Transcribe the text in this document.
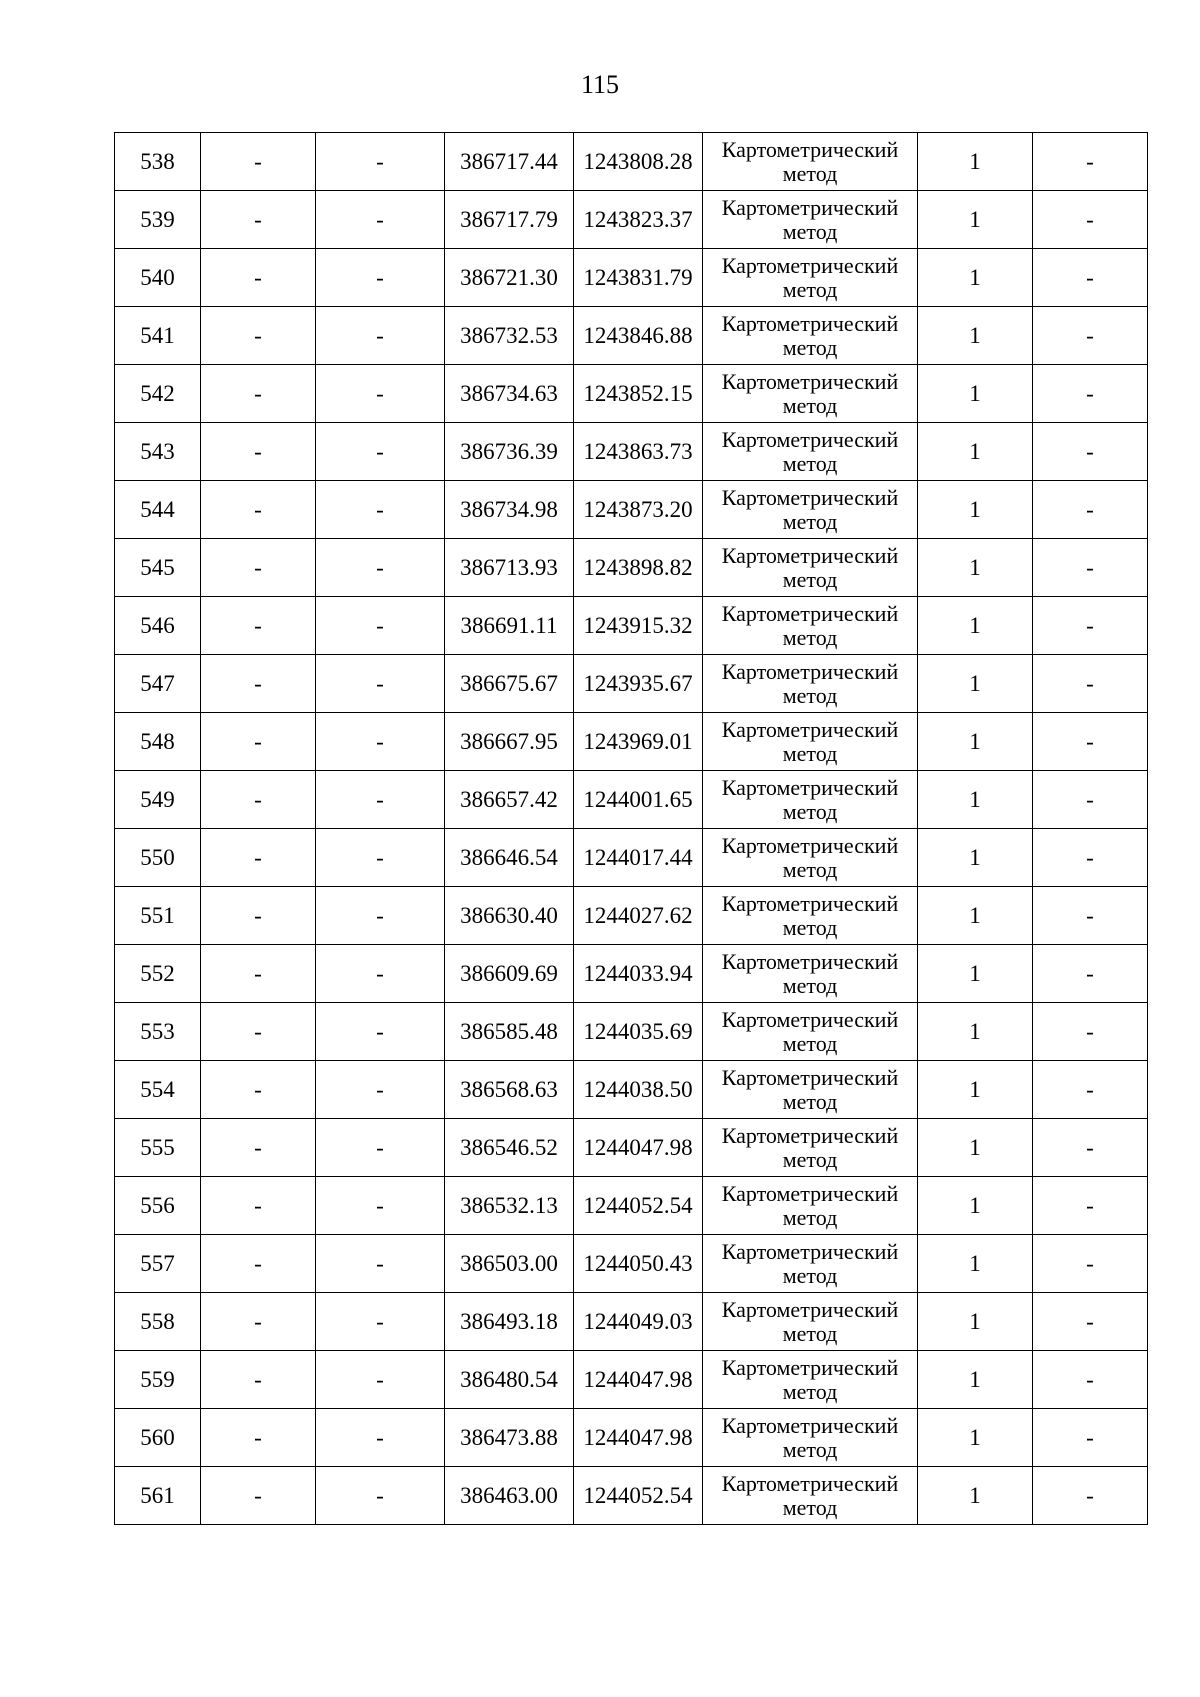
115
538	-	-	386717.44	1243808.28	Картометрический метод	1	-
539	-	-	386717.79	1243823.37	Картометрический метод	1	-
540	-	-	386721.30	1243831.79	Картометрический метод	1	-
541	-	-	386732.53	1243846.88	Картометрический метод	1	-
542	-	-	386734.63	1243852.15	Картометрический метод	1	-
543	-	-	386736.39	1243863.73	Картометрический метод	1	-
544	-	-	386734.98	1243873.20	Картометрический метод	1	-
545	-	-	386713.93	1243898.82	Картометрический метод	1	-
546	-	-	386691.11	1243915.32	Картометрический метод	1	-
547	-	-	386675.67	1243935.67	Картометрический метод	1	-
548	-	-	386667.95	1243969.01	Картометрический метод	1	-
549	-	-	386657.42	1244001.65	Картометрический метод	1	-
550	-	-	386646.54	1244017.44	Картометрический метод	1	-
551	-	-	386630.40	1244027.62	Картометрический метод	1	-
552	-	-	386609.69	1244033.94	Картометрический метод	1	-
553	-	-	386585.48	1244035.69	Картометрический метод	1	-
554	-	-	386568.63	1244038.50	Картометрический метод	1	-
555	-	-	386546.52	1244047.98	Картометрический метод	1	-
556	-	-	386532.13	1244052.54	Картометрический метод	1	-
557	-	-	386503.00	1244050.43	Картометрический метод	1	-
558	-	-	386493.18	1244049.03	Картометрический метод	1	-
559	-	-	386480.54	1244047.98	Картометрический метод	1	-
560	-	-	386473.88	1244047.98	Картометрический метод	1	-
561	-	-	386463.00	1244052.54	Картометрический метод	1	-
